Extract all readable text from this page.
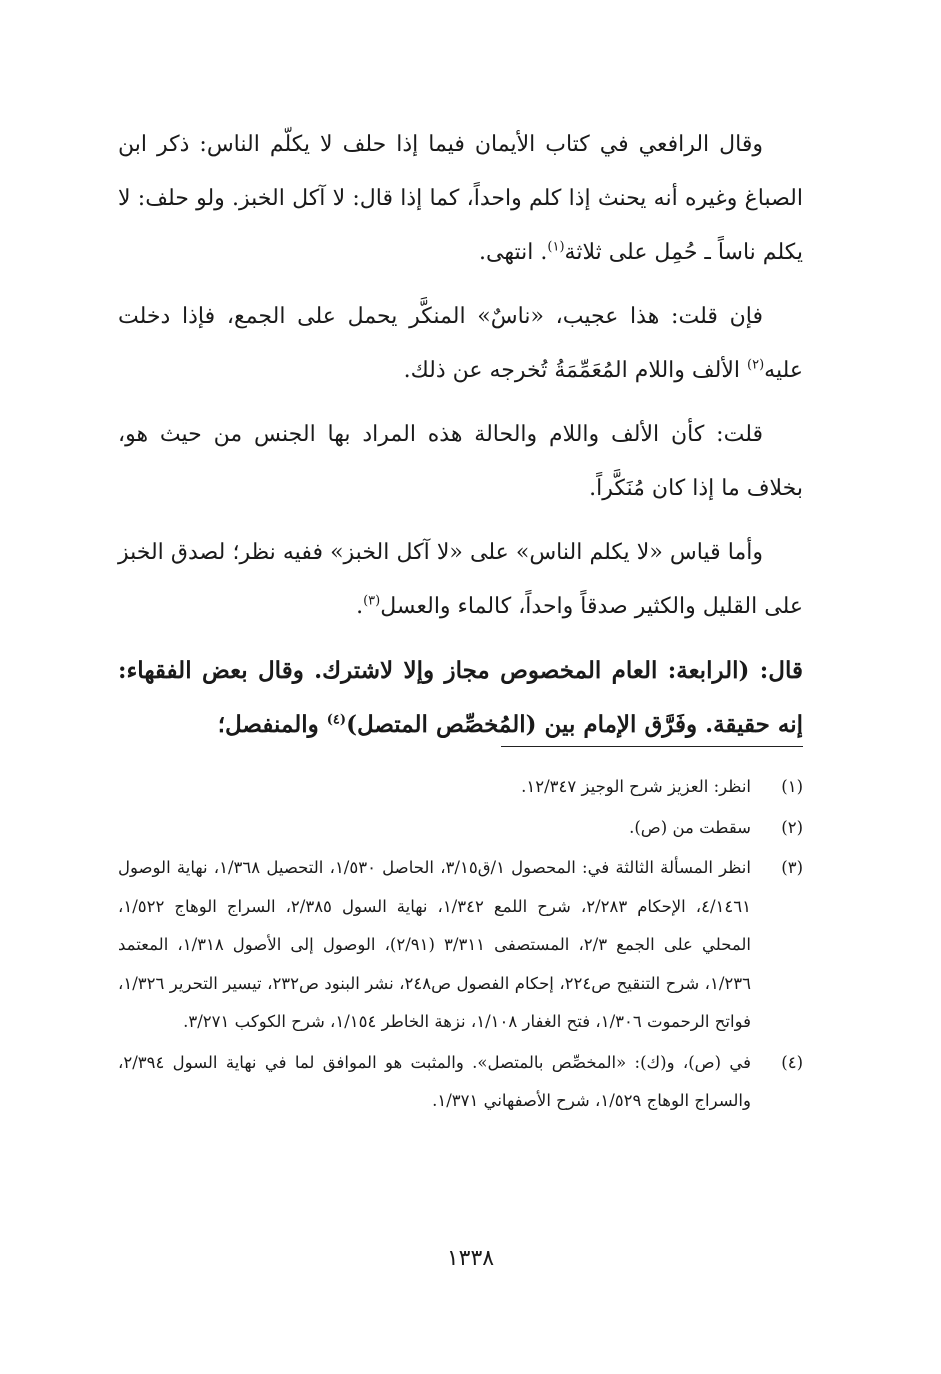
وقال الرافعي في كتاب الأيمان فيما إذا حلف لا يكلّم الناس: ذكر ابن الصباغ وغيره أنه يحنث إذا كلم واحداً، كما إذا قال: لا آكل الخبز. ولو حلف: لا يكلم ناساً ـ حُمِل على ثلاثة$^{(١)}$. انتهى.

فإن قلت: هذا عجيب، «ناسٌ» المنكَّر يحمل على الجمع، فإذا دخلت عليه$^{(٢)}$ الألف واللام المُعَمِّمَةُ تُخرجه عن ذلك.

قلت: كأن الألف واللام والحالة هذه المراد بها الجنس من حيث هو، بخلاف ما إذا كان مُنَكَّراً.

وأما قياس «لا يكلم الناس» على «لا آكل الخبز» ففيه نظر؛ لصدق الخبز على القليل والكثير صدقاً واحداً، كالماء والعسل$^{(٣)}$.

قال: (الرابعة: العام المخصوص مجاز وإلا لاشترك. وقال بعض الفقهاء: إنه حقيقة. وفَرَّق الإمام بين (المُخصِّص المتصل)$^{(٤)}$ والمنفصل؛

(١)
انظر: العزيز شرح الوجيز ١٢/٣٤٧.
(٢)
سقطت من (ص).
(٣)
انظر المسألة الثالثة في: المحصول ١/ق٣/١٥، الحاصل ١/٥٣٠، التحصيل ١/٣٦٨، نهاية الوصول ٤/١٤٦١، الإحكام ٢/٢٨٣، شرح اللمع ١/٣٤٢، نهاية السول ٢/٣٨٥، السراج الوهاج ١/٥٢٢، المحلي على الجمع ٢/٣، المستصفى ٣/٣١١ (٢/٩١)، الوصول إلى الأصول ١/٣١٨، المعتمد ١/٢٣٦، شرح التنقيح ص٢٢٤، إحكام الفصول ص٢٤٨، نشر البنود ص٢٣٢، تيسير التحرير ١/٣٢٦، فواتح الرحموت ١/٣٠٦، فتح الغفار ١/١٠٨، نزهة الخاطر ١/١٥٤، شرح الكوكب ٣/٢٧١.
(٤)
في (ص)، و(ك): «المخصِّص بالمتصل». والمثبت هو الموافق لما في نهاية السول ٢/٣٩٤، والسراج الوهاج ١/٥٢٩، شرح الأصفهاني ١/٣٧١.
١٣٣٨
